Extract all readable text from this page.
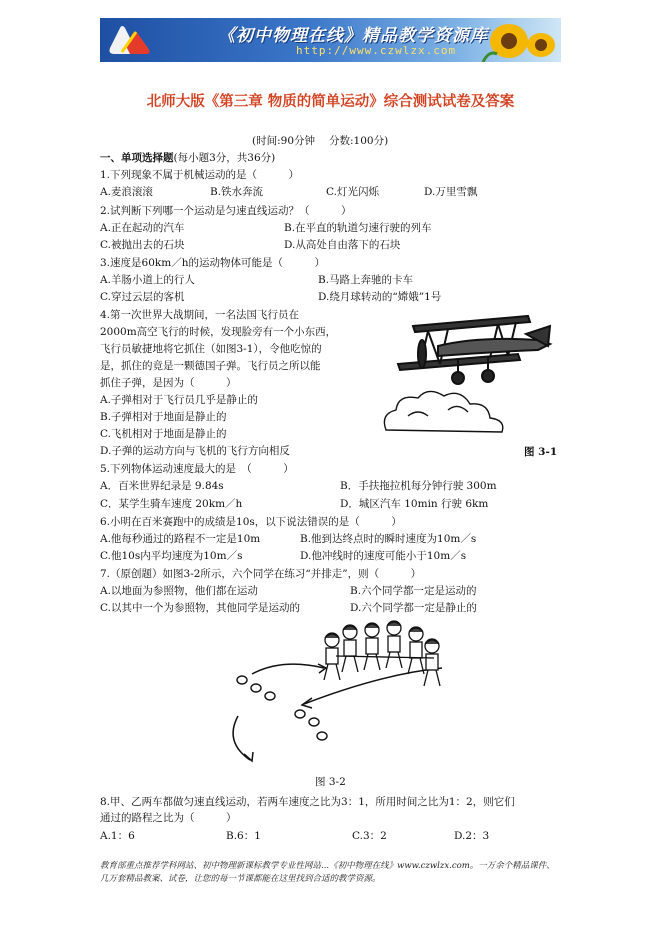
《初中物理在线》精品教学资源库
http://www.czwlzx.com
北师大版《第三章 物质的简单运动》综合测试试卷及答案
(时间:90分钟 分数:100分)
一、单项选择题(每小题3分，共36分)
1.下列现象不属于机械运动的是（　　　）
A.麦浪滚滚	B.铁水奔流	C.灯光闪烁	D.万里雪飘
2.试判断下列哪一个运动是匀速直线运动？（　　　）
A.正在起动的汽车	B.在平直的轨道匀速行驶的列车
C.被抛出去的石块	D.从高处自由落下的石块
3.速度是60km／h的运动物体可能是（　　　）
A.羊肠小道上的行人	B.马路上奔驰的卡车
C.穿过云层的客机	D.绕月球转动的“嫦娥”1号
4.第一次世界大战期间，一名法国飞行员在
2000m高空飞行的时候，发现脸旁有一个小东西，
飞行员敏捷地将它抓住（如图3-1），令他吃惊的
是，抓住的竟是一颗德国子弹。飞行员之所以能
抓住子弹，是因为（　　　）
A.子弹相对于飞行员几乎是静止的
B.子弹相对于地面是静止的
C.飞机相对于地面是静止的
D.子弹的运动方向与飞机的飞行方向相反	图 3-1
5.下列物体运动速度最大的是　（　　　）
A．百米世界纪录是 9.84s	B．手扶拖拉机每分钟行驶 300m
C．某学生骑车速度 20km／h	D．城区汽车 10min 行驶 6km
6.小明在百米赛跑中的成绩是10s，以下说法错误的是（　　　）
A.他每秒通过的路程不一定是10m	B.他到达终点时的瞬时速度为10m／s
C.他10s内平均速度为10m／s	D.他冲线时的速度可能小于10m／s
7.（原创题）如图3-2所示，六个同学在练习“并排走”，则（　　　）
A.以地面为参照物，他们都在运动	B.六个同学都一定是运动的
C.以其中一个为参照物，其他同学是运动的	D.六个同学都一定是静止的
图 3-2
8.甲、乙两车都做匀速直线运动，若两车速度之比为3：1，所用时间之比为1：2，则它们
通过的路程之比为（　　　）
A.1：6	B.6：1	C.3：2	D.2：3
教育部重点推荐学科网站、初中物理新课标教学专业性网站...《初中物理在线》www.czwlzx.com。一万余个精品课件、几万套精品教案、试卷，让您的每一节课都能在这里找到合适的教学资源。
